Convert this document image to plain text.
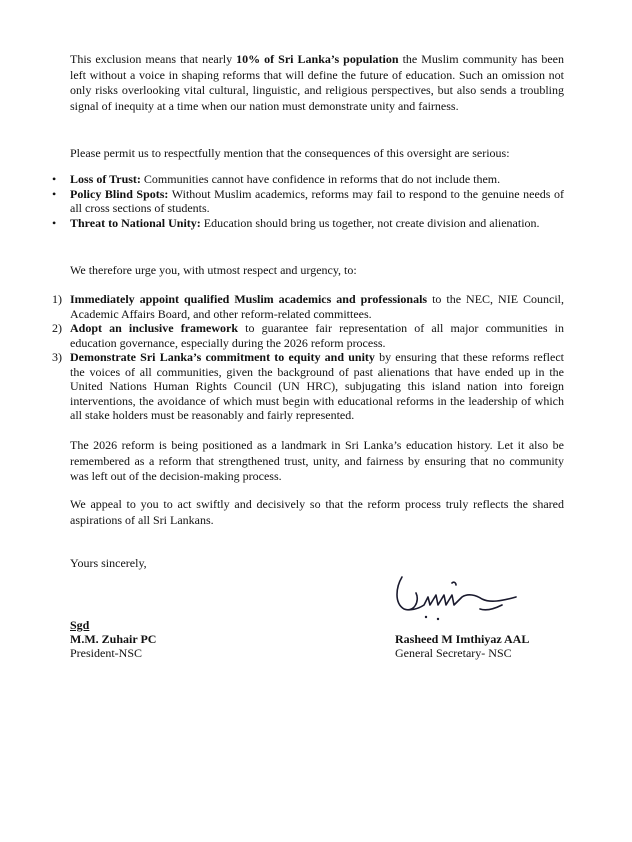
This exclusion means that nearly 10% of Sri Lanka’s population the Muslim community has been left without a voice in shaping reforms that will define the future of education. Such an omission not only risks overlooking vital cultural, linguistic, and religious perspectives, but also sends a troubling signal of inequity at a time when our nation must demonstrate unity and fairness.

Please permit us to respectfully mention that the consequences of this oversight are serious:

• Loss of Trust: Communities cannot have confidence in reforms that do not include them.
• Policy Blind Spots: Without Muslim academics, reforms may fail to respond to the genuine needs of all cross sections of students.
• Threat to National Unity: Education should bring us together, not create division and alienation.

We therefore urge you, with utmost respect and urgency, to:

1) Immediately appoint qualified Muslim academics and professionals to the NEC, NIE Council, Academic Affairs Board, and other reform-related committees.
2) Adopt an inclusive framework to guarantee fair representation of all major communities in education governance, especially during the 2026 reform process.
3) Demonstrate Sri Lanka’s commitment to equity and unity by ensuring that these reforms reflect the voices of all communities, given the background of past alienations that have ended up in the United Nations Human Rights Council (UN HRC), subjugating this island nation into foreign interventions, the avoidance of which must begin with educational reforms in the leadership of which all stake holders must be reasonably and fairly represented.

The 2026 reform is being positioned as a landmark in Sri Lanka’s education history. Let it also be remembered as a reform that strengthened trust, unity, and fairness by ensuring that no community was left out of the decision-making process.

We appeal to you to act swiftly and decisively so that the reform process truly reflects the shared aspirations of all Sri Lankans.

Yours sincerely,

Sgd
M.M. Zuhair PC
President-NSC
Rasheed M Imthiyaz AAL
General Secretary- NSC
